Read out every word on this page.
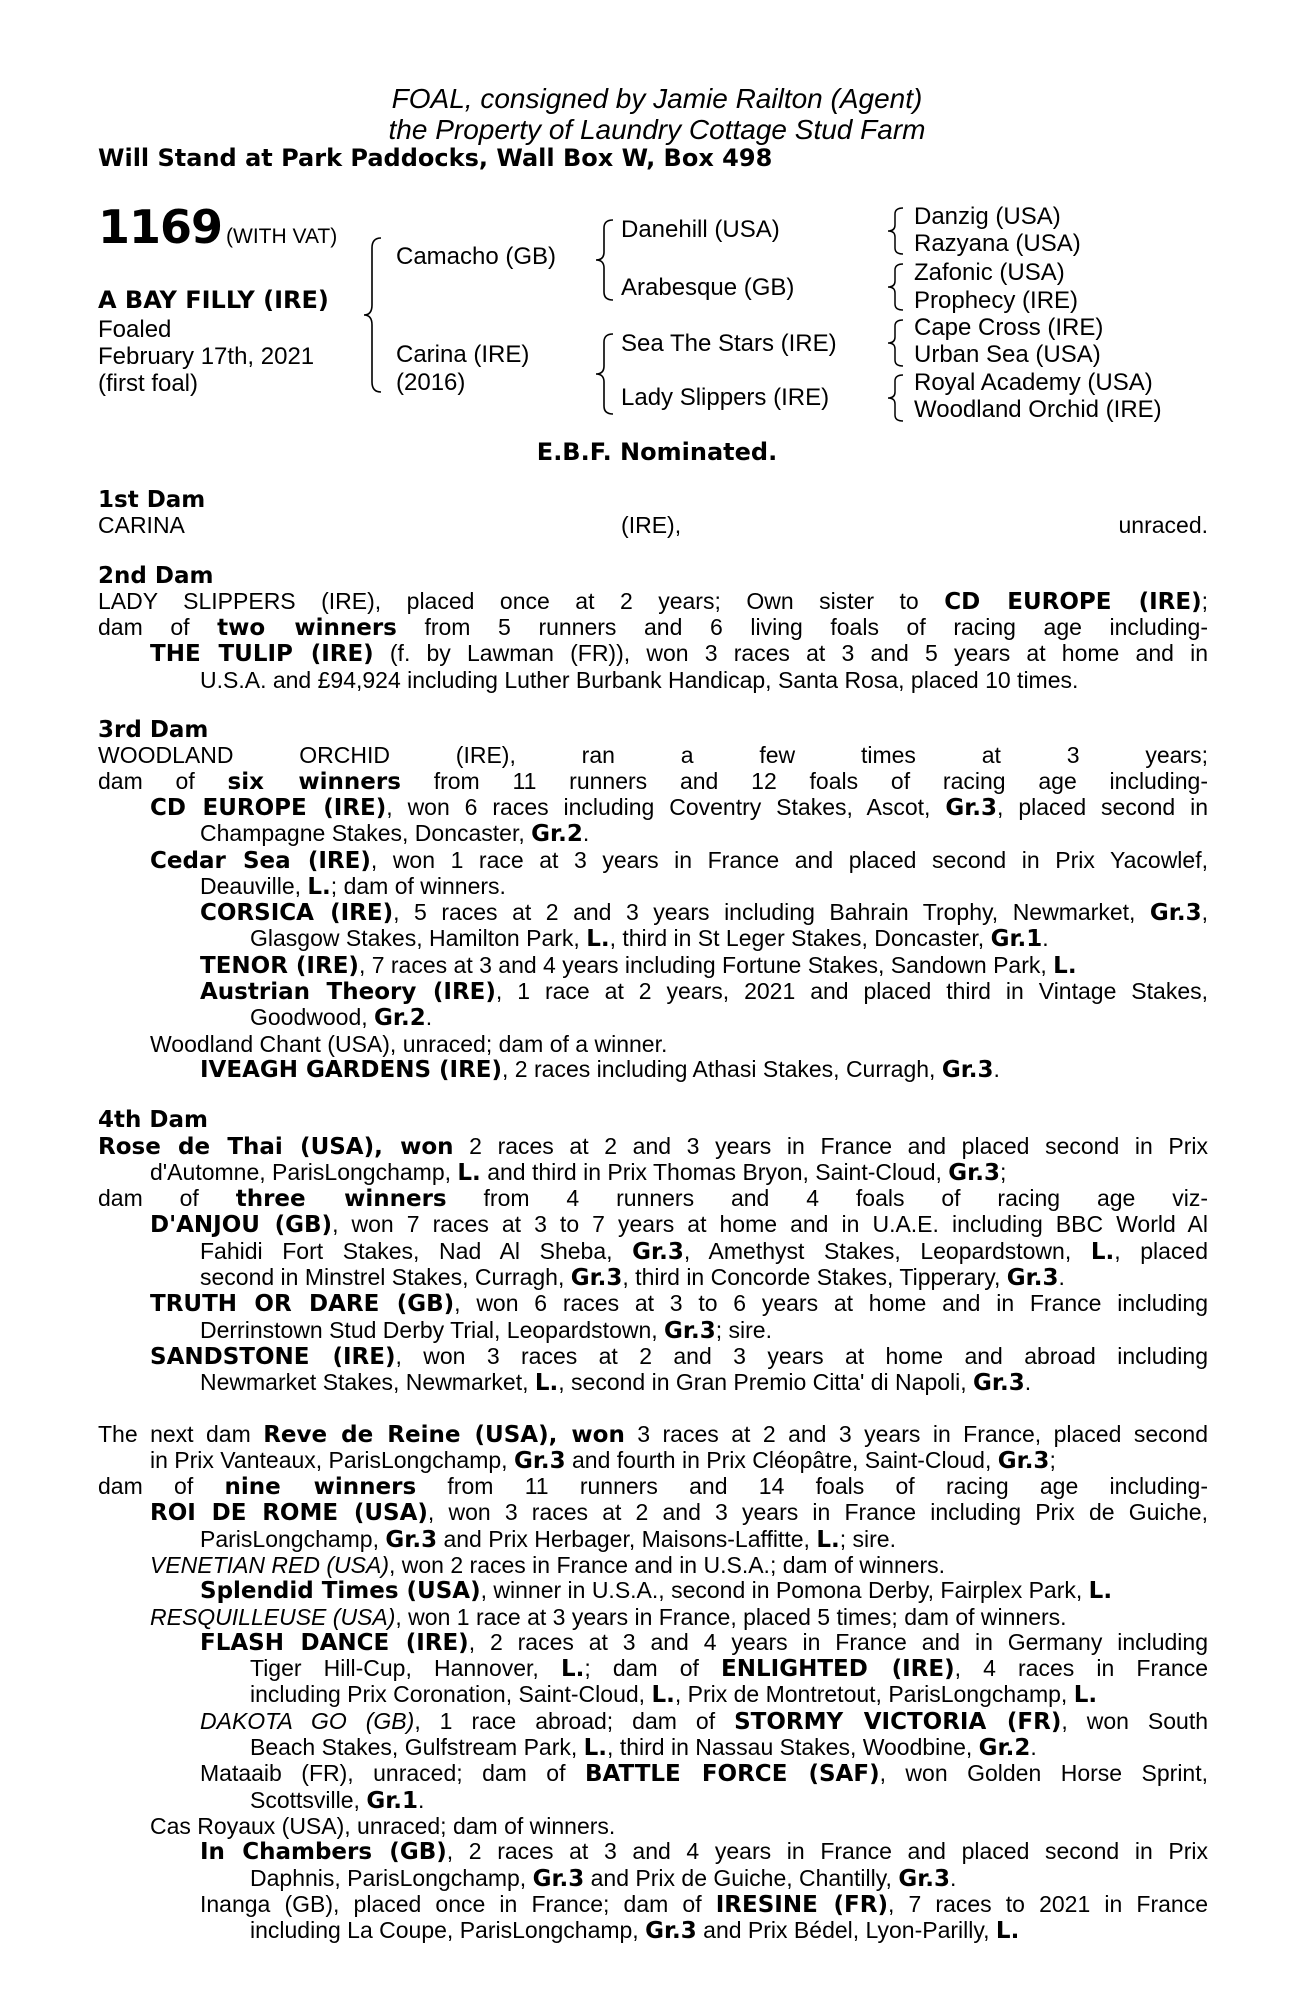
FOAL, consigned by Jamie Railton (Agent)
the Property of Laundry Cottage Stud Farm
Will Stand at Park Paddocks, Wall Box W, Box 498
1169 (WITH VAT)
A BAY FILLY (IRE)
Foaled
February 17th, 2021
(first foal)
Camacho (GB)
Carina (IRE)
(2016)
Danehill (USA)
Arabesque (GB)
Sea The Stars (IRE)
Lady Slippers (IRE)
Danzig (USA)
Razyana (USA)
Zafonic (USA)
Prophecy (IRE)
Cape Cross (IRE)
Urban Sea (USA)
Royal Academy (USA)
Woodland Orchid (IRE)
E.B.F. Nominated.
1st Dam
CARINA (IRE), unraced.
2nd Dam
LADY SLIPPERS (IRE), placed once at 2 years; Own sister to CD EUROPE (IRE);
dam of two winners from 5 runners and 6 living foals of racing age including-
THE TULIP (IRE) (f. by Lawman (FR)), won 3 races at 3 and 5 years at home and in
U.S.A. and £94,924 including Luther Burbank Handicap, Santa Rosa, placed 10 times.
3rd Dam
WOODLAND ORCHID (IRE), ran a few times at 3 years;
dam of six winners from 11 runners and 12 foals of racing age including-
CD EUROPE (IRE), won 6 races including Coventry Stakes, Ascot, Gr.3, placed second in
Champagne Stakes, Doncaster, Gr.2.
Cedar Sea (IRE), won 1 race at 3 years in France and placed second in Prix Yacowlef,
Deauville, L.; dam of winners.
CORSICA (IRE), 5 races at 2 and 3 years including Bahrain Trophy, Newmarket, Gr.3,
Glasgow Stakes, Hamilton Park, L., third in St Leger Stakes, Doncaster, Gr.1.
TENOR (IRE), 7 races at 3 and 4 years including Fortune Stakes, Sandown Park, L.
Austrian Theory (IRE), 1 race at 2 years, 2021 and placed third in Vintage Stakes,
Goodwood, Gr.2.
Woodland Chant (USA), unraced; dam of a winner.
IVEAGH GARDENS (IRE), 2 races including Athasi Stakes, Curragh, Gr.3.
4th Dam
Rose de Thai (USA), won 2 races at 2 and 3 years in France and placed second in Prix
d'Automne, ParisLongchamp, L. and third in Prix Thomas Bryon, Saint-Cloud, Gr.3;
dam of three winners from 4 runners and 4 foals of racing age viz-
D'ANJOU (GB), won 7 races at 3 to 7 years at home and in U.A.E. including BBC World Al
Fahidi Fort Stakes, Nad Al Sheba, Gr.3, Amethyst Stakes, Leopardstown, L., placed
second in Minstrel Stakes, Curragh, Gr.3, third in Concorde Stakes, Tipperary, Gr.3.
TRUTH OR DARE (GB), won 6 races at 3 to 6 years at home and in France including
Derrinstown Stud Derby Trial, Leopardstown, Gr.3; sire.
SANDSTONE (IRE), won 3 races at 2 and 3 years at home and abroad including
Newmarket Stakes, Newmarket, L., second in Gran Premio Citta' di Napoli, Gr.3.
The next dam Reve de Reine (USA), won 3 races at 2 and 3 years in France, placed second
in Prix Vanteaux, ParisLongchamp, Gr.3 and fourth in Prix Cléopâtre, Saint-Cloud, Gr.3;
dam of nine winners from 11 runners and 14 foals of racing age including-
ROI DE ROME (USA), won 3 races at 2 and 3 years in France including Prix de Guiche,
ParisLongchamp, Gr.3 and Prix Herbager, Maisons-Laffitte, L.; sire.
VENETIAN RED (USA), won 2 races in France and in U.S.A.; dam of winners.
Splendid Times (USA), winner in U.S.A., second in Pomona Derby, Fairplex Park, L.
RESQUILLEUSE (USA), won 1 race at 3 years in France, placed 5 times; dam of winners.
FLASH DANCE (IRE), 2 races at 3 and 4 years in France and in Germany including
Tiger Hill-Cup, Hannover, L.; dam of ENLIGHTED (IRE), 4 races in France
including Prix Coronation, Saint-Cloud, L., Prix de Montretout, ParisLongchamp, L.
DAKOTA GO (GB), 1 race abroad; dam of STORMY VICTORIA (FR), won South
Beach Stakes, Gulfstream Park, L., third in Nassau Stakes, Woodbine, Gr.2.
Mataaib (FR), unraced; dam of BATTLE FORCE (SAF), won Golden Horse Sprint,
Scottsville, Gr.1.
Cas Royaux (USA), unraced; dam of winners.
In Chambers (GB), 2 races at 3 and 4 years in France and placed second in Prix
Daphnis, ParisLongchamp, Gr.3 and Prix de Guiche, Chantilly, Gr.3.
Inanga (GB), placed once in France; dam of IRESINE (FR), 7 races to 2021 in France
including La Coupe, ParisLongchamp, Gr.3 and Prix Bédel, Lyon-Parilly, L.
